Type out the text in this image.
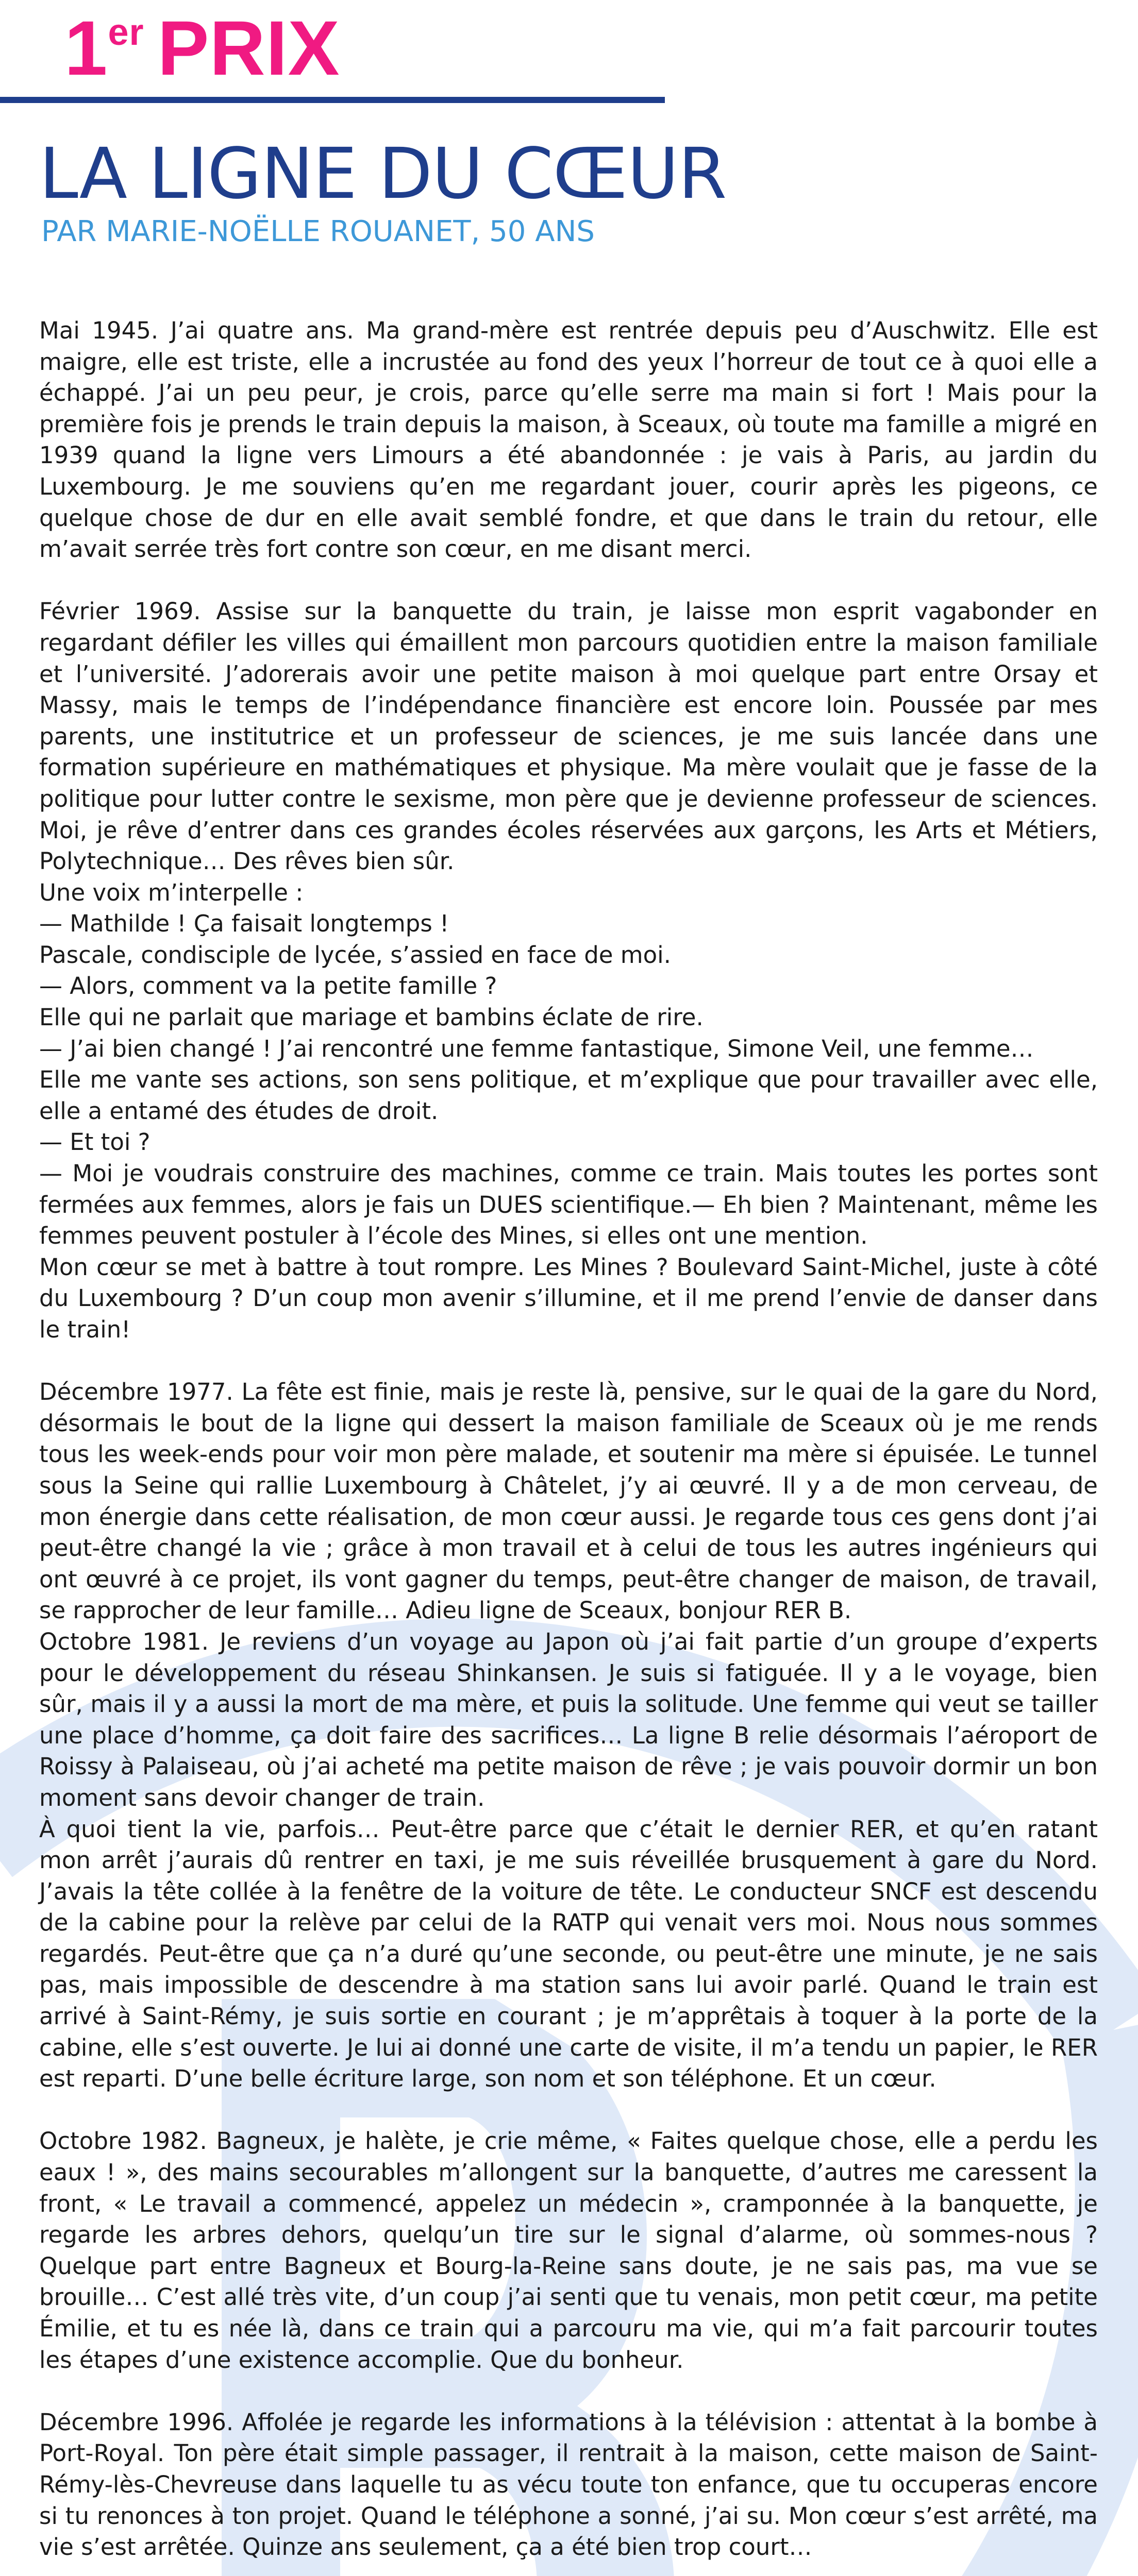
1er PRIX
LA LIGNE DU CŒUR
PAR MARIE-NOËLLE ROUANET, 50 ANS

Mai 1945. J’ai quatre ans. Ma grand-mère est rentrée depuis peu d’Auschwitz. Elle est maigre, elle est triste, elle a incrustée au fond des yeux l’horreur de tout ce à quoi elle a échappé. J’ai un peu peur, je crois, parce qu’elle serre ma main si fort ! Mais pour la première fois je prends le train depuis la maison, à Sceaux, où toute ma famille a migré en 1939 quand la ligne vers Limours a été abandonnée : je vais à Paris, au jardin du Luxembourg. Je me souviens qu’en me regardant jouer, courir après les pigeons, ce quelque chose de dur en elle avait semblé fondre, et que dans le train du retour, elle m’avait serrée très fort contre son cœur, en me disant merci.

Février 1969. Assise sur la banquette du train, je laisse mon esprit vagabonder en regardant défiler les villes qui émaillent mon parcours quotidien entre la maison familiale et l’université. J’adorerais avoir une petite maison à moi quelque part entre Orsay et Massy, mais le temps de l’indépendance financière est encore loin. Poussée par mes parents, une institutrice et un professeur de sciences, je me suis lancée dans une formation supérieure en mathématiques et physique. Ma mère voulait que je fasse de la politique pour lutter contre le sexisme, mon père que je devienne professeur de sciences. Moi, je rêve d’entrer dans ces grandes écoles réservées aux garçons, les Arts et Métiers, Polytechnique… Des rêves bien sûr.

Une voix m’interpelle :

— Mathilde ! Ça faisait longtemps !

Pascale, condisciple de lycée, s’assied en face de moi.

— Alors, comment va la petite famille ?

Elle qui ne parlait que mariage et bambins éclate de rire.

— J’ai bien changé ! J’ai rencontré une femme fantastique, Simone Veil, une femme…

Elle me vante ses actions, son sens politique, et m’explique que pour travailler avec elle, elle a entamé des études de droit.

— Et toi ?

— Moi je voudrais construire des machines, comme ce train. Mais toutes les portes sont fermées aux femmes, alors je fais un DUES scientifique.— Eh bien ? Maintenant, même les femmes peuvent postuler à l’école des Mines, si elles ont une mention.

Mon cœur se met à battre à tout rompre. Les Mines ? Boulevard Saint-Michel, juste à côté du Luxembourg ? D’un coup mon avenir s’illumine, et il me prend l’envie de danser dans le train!

Décembre 1977. La fête est finie, mais je reste là, pensive, sur le quai de la gare du Nord, désormais le bout de la ligne qui dessert la maison familiale de Sceaux où je me rends tous les week-ends pour voir mon père malade, et soutenir ma mère si épuisée. Le tunnel sous la Seine qui rallie Luxembourg à Châtelet, j’y ai œuvré. Il y a de mon cerveau, de mon énergie dans cette réalisation, de mon cœur aussi. Je regarde tous ces gens dont j’ai peut-être changé la vie ; grâce à mon travail et à celui de tous les autres ingénieurs qui ont œuvré à ce projet, ils vont gagner du temps, peut-être changer de maison, de travail, se rapprocher de leur famille… Adieu ligne de Sceaux, bonjour RER B.

Octobre 1981. Je reviens d’un voyage au Japon où j’ai fait partie d’un groupe d’experts pour le développement du réseau Shinkansen. Je suis si fatiguée. Il y a le voyage, bien sûr, mais il y a aussi la mort de ma mère, et puis la solitude. Une femme qui veut se tailler une place d’homme, ça doit faire des sacrifices… La ligne B relie désormais l’aéroport de Roissy à Palaiseau, où j’ai acheté ma petite maison de rêve ; je vais pouvoir dormir un bon moment sans devoir changer de train.

À quoi tient la vie, parfois… Peut-être parce que c’était le dernier RER, et qu’en ratant mon arrêt j’aurais dû rentrer en taxi, je me suis réveillée brusquement à gare du Nord. J’avais la tête collée à la fenêtre de la voiture de tête. Le conducteur SNCF est descendu de la cabine pour la relève par celui de la RATP qui venait vers moi. Nous nous sommes regardés. Peut-être que ça n’a duré qu’une seconde, ou peut-être une minute, je ne sais pas, mais impossible de descendre à ma station sans lui avoir parlé. Quand le train est arrivé à Saint-Rémy, je suis sortie en courant ; je m’apprêtais à toquer à la porte de la cabine, elle s’est ouverte. Je lui ai donné une carte de visite, il m’a tendu un papier, le RER est reparti. D’une belle écriture large, son nom et son téléphone. Et un cœur.

Octobre 1982. Bagneux, je halète, je crie même, « Faites quelque chose, elle a perdu les eaux ! », des mains secourables m’allongent sur la banquette, d’autres me caressent la front, « Le travail a commencé, appelez un médecin », cramponnée à la banquette, je regarde les arbres dehors, quelqu’un tire sur le signal d’alarme, où sommes-nous ? Quelque part entre Bagneux et Bourg-la-Reine sans doute, je ne sais pas, ma vue se brouille… C’est allé très vite, d’un coup j’ai senti que tu venais, mon petit cœur, ma petite Émilie, et tu es née là, dans ce train qui a parcouru ma vie, qui m’a fait parcourir toutes les étapes d’une existence accomplie. Que du bonheur.

Décembre 1996. Affolée je regarde les informations à la télévision : attentat à la bombe à Port-Royal. Ton père était simple passager, il rentrait à la maison, cette maison de Saint-Rémy-lès-Chevreuse dans laquelle tu as vécu toute ton enfance, que tu occuperas encore si tu renonces à ton projet. Quand le téléphone a sonné, j’ai su. Mon cœur s’est arrêté, ma vie s’est arrêtée. Quinze ans seulement, ça a été bien trop court…
